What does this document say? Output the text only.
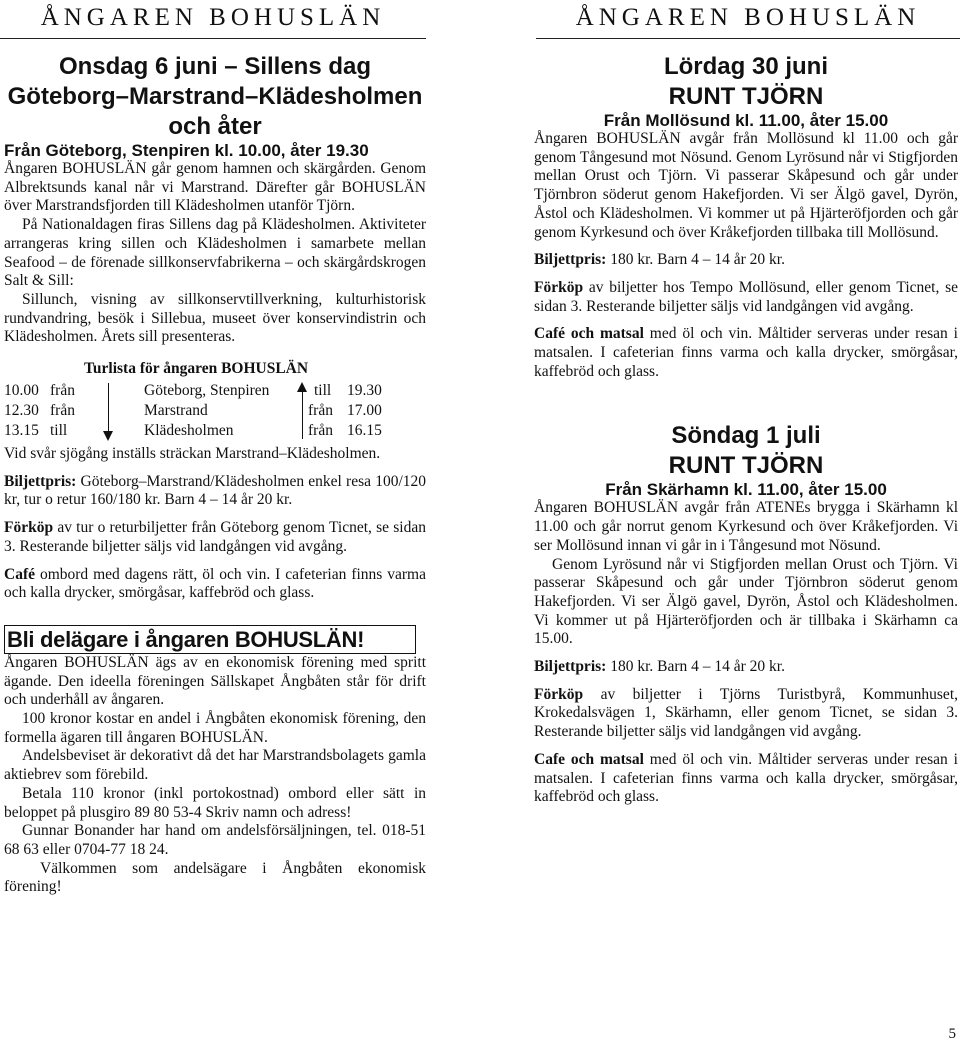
ÅNGAREN BOHUSLÄN	ÅNGAREN BOHUSLÄN
Onsdag 6 juni – Sillens dag
Göteborg–Marstrand–Klädesholmen
och åter
Från Göteborg, Stenpiren kl. 10.00, åter 19.30

Ångaren BOHUSLÄN går genom hamnen och skärgården. Genom Albrektsunds kanal når vi Marstrand. Därefter går BOHUSLÄN över Marstrandsfjorden till Klädesholmen utanför Tjörn.

På Nationaldagen firas Sillens dag på Klädesholmen. Aktiviteter arrangeras kring sillen och Klädesholmen i samarbete mellan Seafood – de förenade sillkonservfabrikerna – och skärgårdskrogen Salt & Sill:

Sillunch, visning av sillkonservtillverkning, kulturhistorisk rundvandring, besök i Sillebua, museet över konservindistrin och Klädesholmen. Årets sill presenteras.

Turlista för ångaren BOHUSLÄN
10.00 från	Göteborg, Stenpiren	till 19.30
12.30 från	Marstrand	från 17.00
13.15 till	Klädesholmen	från 16.15

Vid svår sjögång inställs sträckan Marstrand–Klädesholmen.

Biljettpris: Göteborg–Marstrand/Klädesholmen enkel resa 100/120 kr, tur o retur 160/180 kr. Barn 4 – 14 år 20 kr.

Förköp av tur o returbiljetter från Göteborg genom Ticnet, se sidan 3. Resterande biljetter säljs vid landgången vid avgång.

Café ombord med dagens rätt, öl och vin. I cafeterian finns varma och kalla drycker, smörgåsar, kaffebröd och glass.

Bli delägare i ångaren BOHUSLÄN!

Ångaren BOHUSLÄN ägs av en ekonomisk förening med spritt ägande. Den ideella föreningen Sällskapet Ångbåten står för drift och underhåll av ångaren.

100 kronor kostar en andel i Ångbåten ekonomisk förening, den formella ägaren till ångaren BOHUSLÄN.

Andelsbeviset är dekorativt då det har Marstrandsbolagets gamla aktiebrev som förebild.

Betala 110 kronor (inkl portokostnad) ombord eller sätt in beloppet på plusgiro 89 80 53-4 Skriv namn och adress!

Gunnar Bonander har hand om andelsförsäljningen, tel. 018-51 68 63 eller 0704-77 18 24.

Välkommen som andelsägare i Ångbåten ekonomisk förening!

Lördag 30 juni
RUNT TJÖRN
Från Mollösund kl. 11.00, åter 15.00

Ångaren BOHUSLÄN avgår från Mollösund kl 11.00 och går genom Tångesund mot Nösund. Genom Lyrösund når vi Stigfjorden mellan Orust och Tjörn. Vi passerar Skåpesund och går under Tjörnbron söderut genom Hakefjorden. Vi ser Älgö gavel, Dyrön, Åstol och Klädesholmen. Vi kommer ut på Hjärteröfjorden och går genom Kyrkesund och över Kråkefjorden tillbaka till Mollösund.

Biljettpris: 180 kr. Barn 4 – 14 år 20 kr.

Förköp av biljetter hos Tempo Mollösund, eller genom Ticnet, se sidan 3. Resterande biljetter säljs vid landgången vid avgång.

Café och matsal med öl och vin. Måltider serveras under resan i matsalen. I cafeterian finns varma och kalla drycker, smörgåsar, kaffebröd och glass.

Söndag 1 juli
RUNT TJÖRN
Från Skärhamn kl. 11.00, åter 15.00

Ångaren BOHUSLÄN avgår från ATENEs brygga i Skärhamn kl 11.00 och går norrut genom Kyrkesund och över Kråkefjorden. Vi ser Mollösund innan vi går in i Tångesund mot Nösund.

Genom Lyrösund når vi Stigfjorden mellan Orust och Tjörn. Vi passerar Skåpesund och går under Tjörnbron söderut genom Hakefjorden. Vi ser Älgö gavel, Dyrön, Åstol och Klädesholmen. Vi kommer ut på Hjärteröfjorden och är tillbaka i Skärhamn ca 15.00.

Biljettpris: 180 kr. Barn 4 – 14 år 20 kr.

Förköp av biljetter i Tjörns Turistbyrå, Kommunhuset, Krokedalsvägen 1, Skärhamn, eller genom Ticnet, se sidan 3. Resterande biljetter säljs vid landgången vid avgång.

Cafe och matsal med öl och vin. Måltider serveras under resan i matsalen. I cafeterian finns varma och kalla drycker, smörgåsar, kaffebröd och glass.

5
